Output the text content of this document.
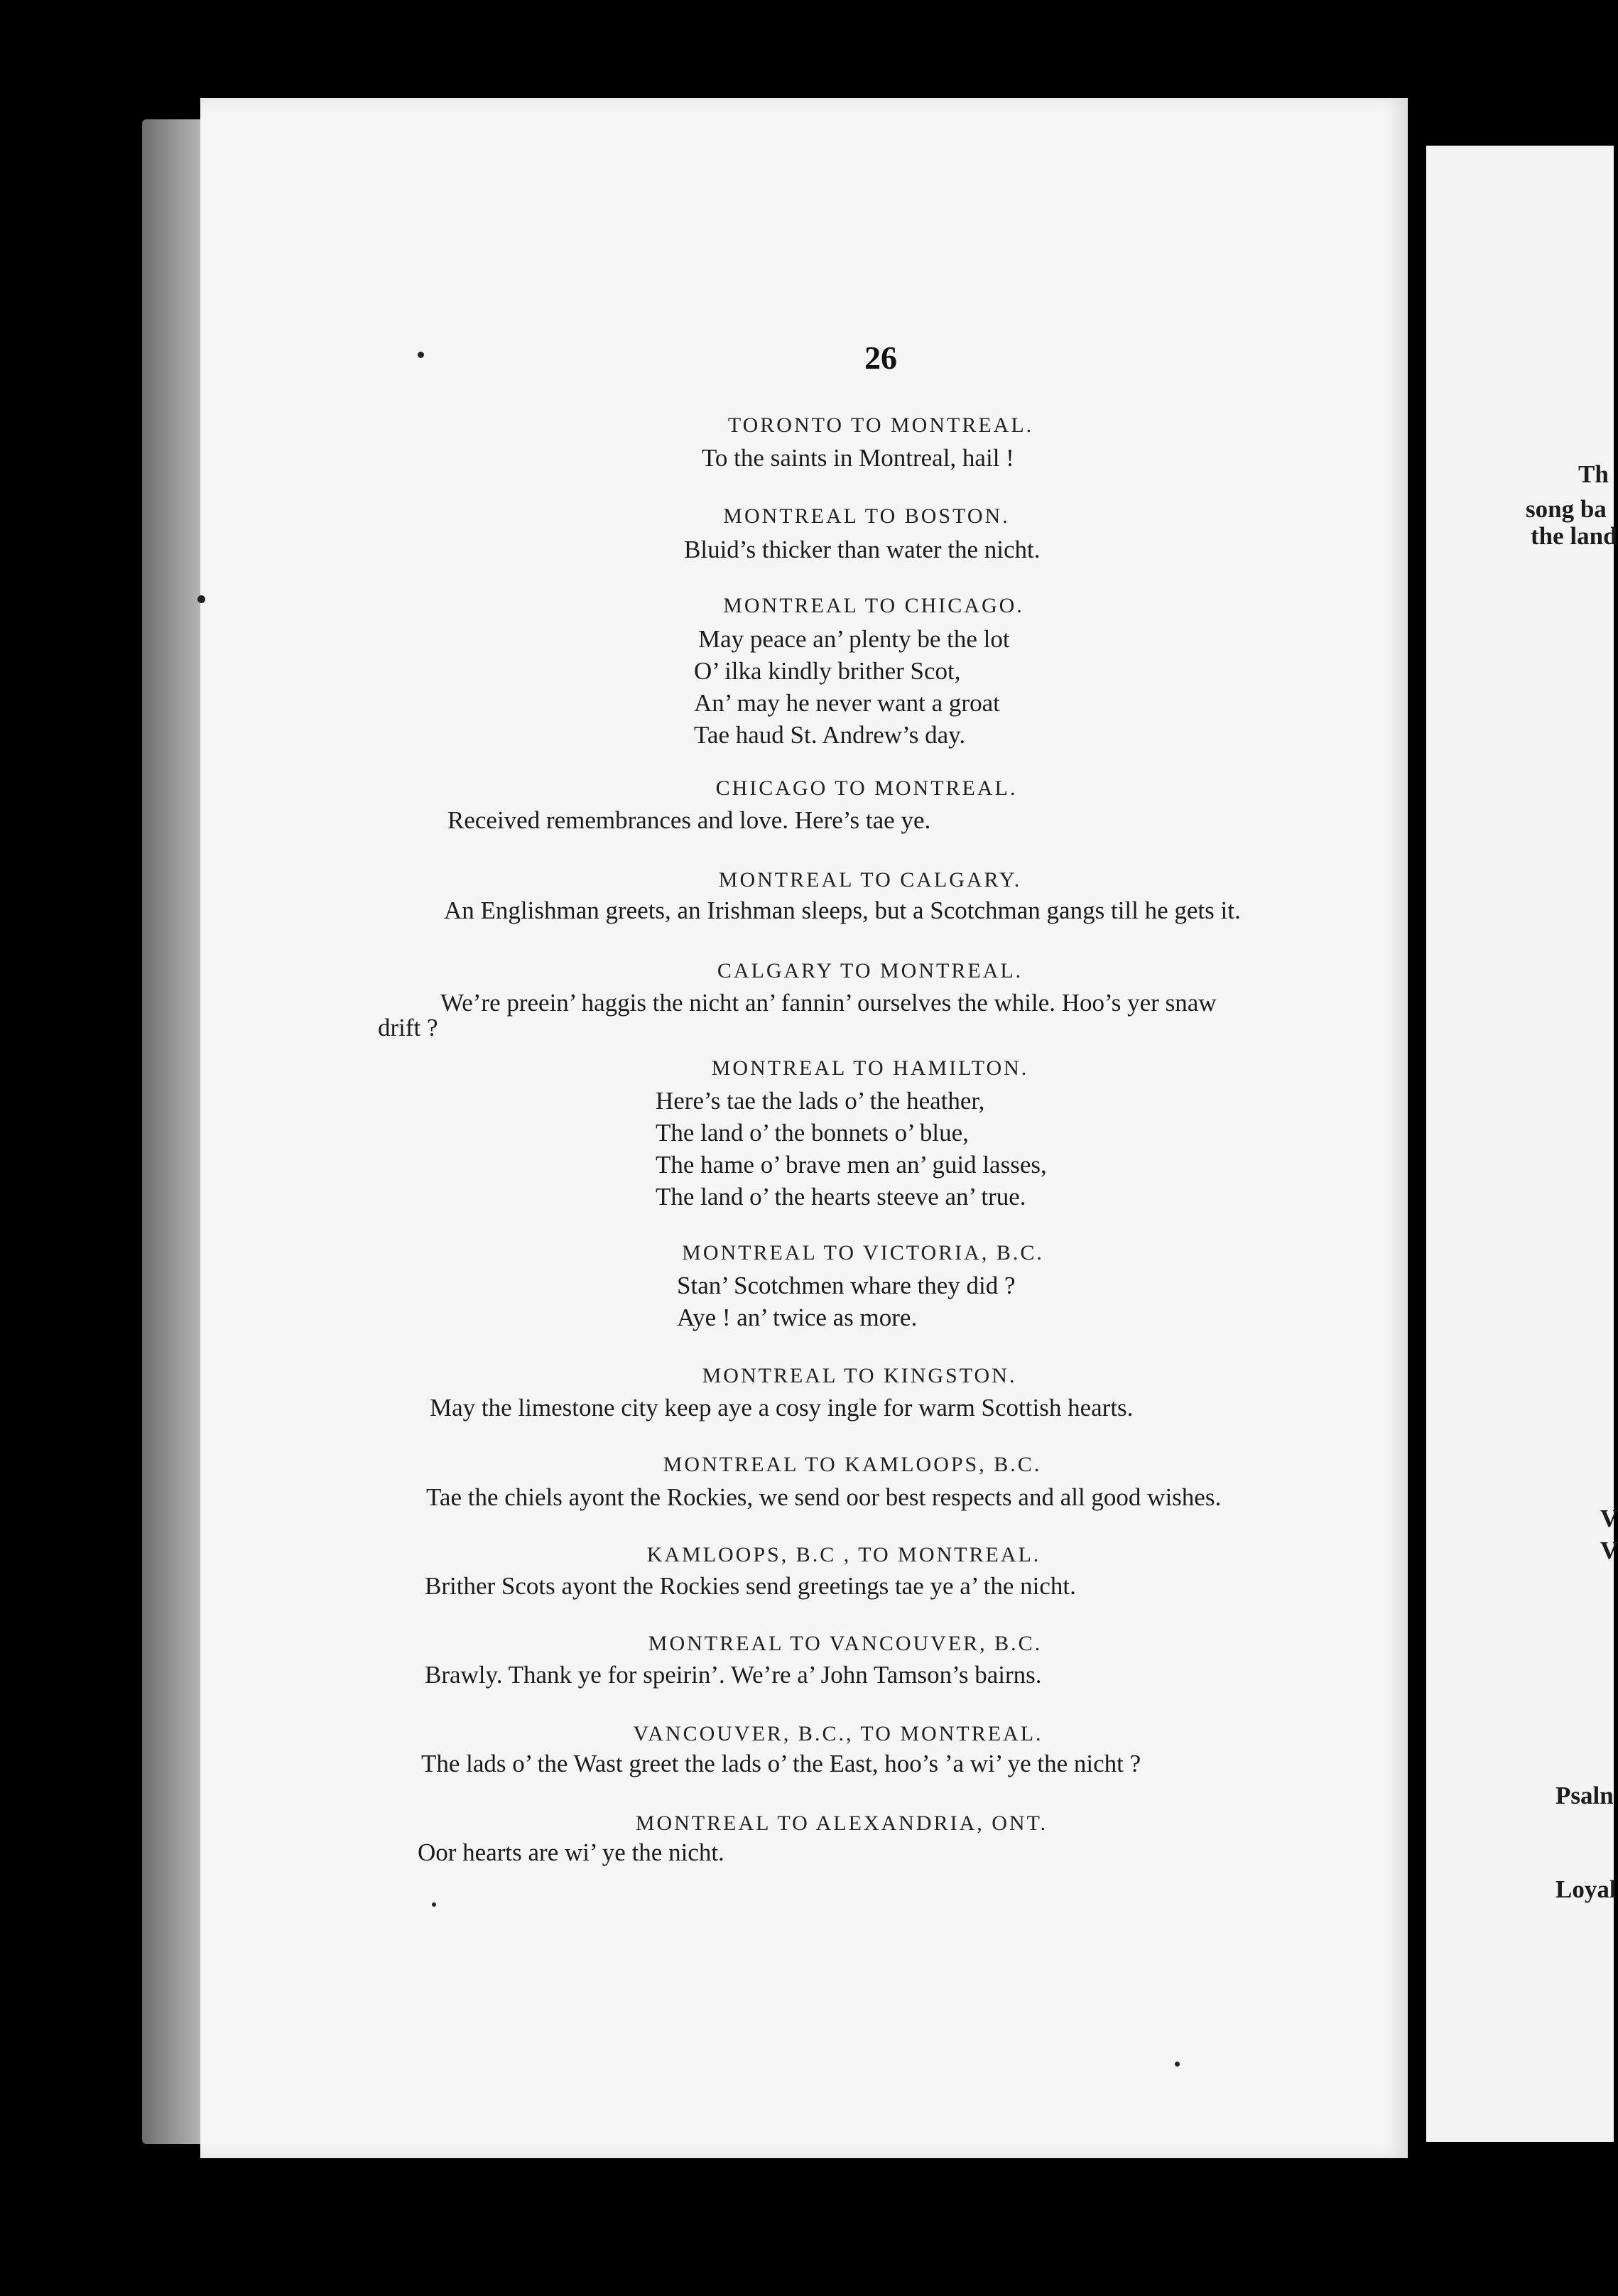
26
TORONTO TO MONTREAL.
To the saints in Montreal, hail !
MONTREAL TO BOSTON.
Bluid’s thicker than water the nicht.
MONTREAL TO CHICAGO.
May peace an’ plenty be the lot
O’ ilka kindly brither Scot,
An’ may he never want a groat
Tae haud St. Andrew’s day.
CHICAGO TO MONTREAL.
Received remembrances and love. Here’s tae ye.
MONTREAL TO CALGARY.
An Englishman greets, an Irishman sleeps, but a Scotchman gangs till he gets it.
CALGARY TO MONTREAL.
We’re preein’ haggis the nicht an’ fannin’ ourselves the while. Hoo’s yer snaw
drift ?
MONTREAL TO HAMILTON.
Here’s tae the lads o’ the heather,
The land o’ the bonnets o’ blue,
The hame o’ brave men an’ guid lasses,
The land o’ the hearts steeve an’ true.
MONTREAL TO VICTORIA, B.C.
Stan’ Scotchmen whare they did ?
Aye ! an’ twice as more.
MONTREAL TO KINGSTON.
May the limestone city keep aye a cosy ingle for warm Scottish hearts.
MONTREAL TO KAMLOOPS, B.C.
Tae the chiels ayont the Rockies, we send oor best respects and all good wishes.
KAMLOOPS, B.C , TO MONTREAL.
Brither Scots ayont the Rockies send greetings tae ye a’ the nicht.
MONTREAL TO VANCOUVER, B.C.
Brawly. Thank ye for speirin’. We’re a’ John Tamson’s bairns.
VANCOUVER, B.C., TO MONTREAL.
The lads o’ the Wast greet the lads o’ the East, hoo’s ’a wi’ ye the nicht ?
MONTREAL TO ALEXANDRIA, ONT.
Oor hearts are wi’ ye the nicht.
Th
song ba
the land
V
V
Psaln
Loyal
